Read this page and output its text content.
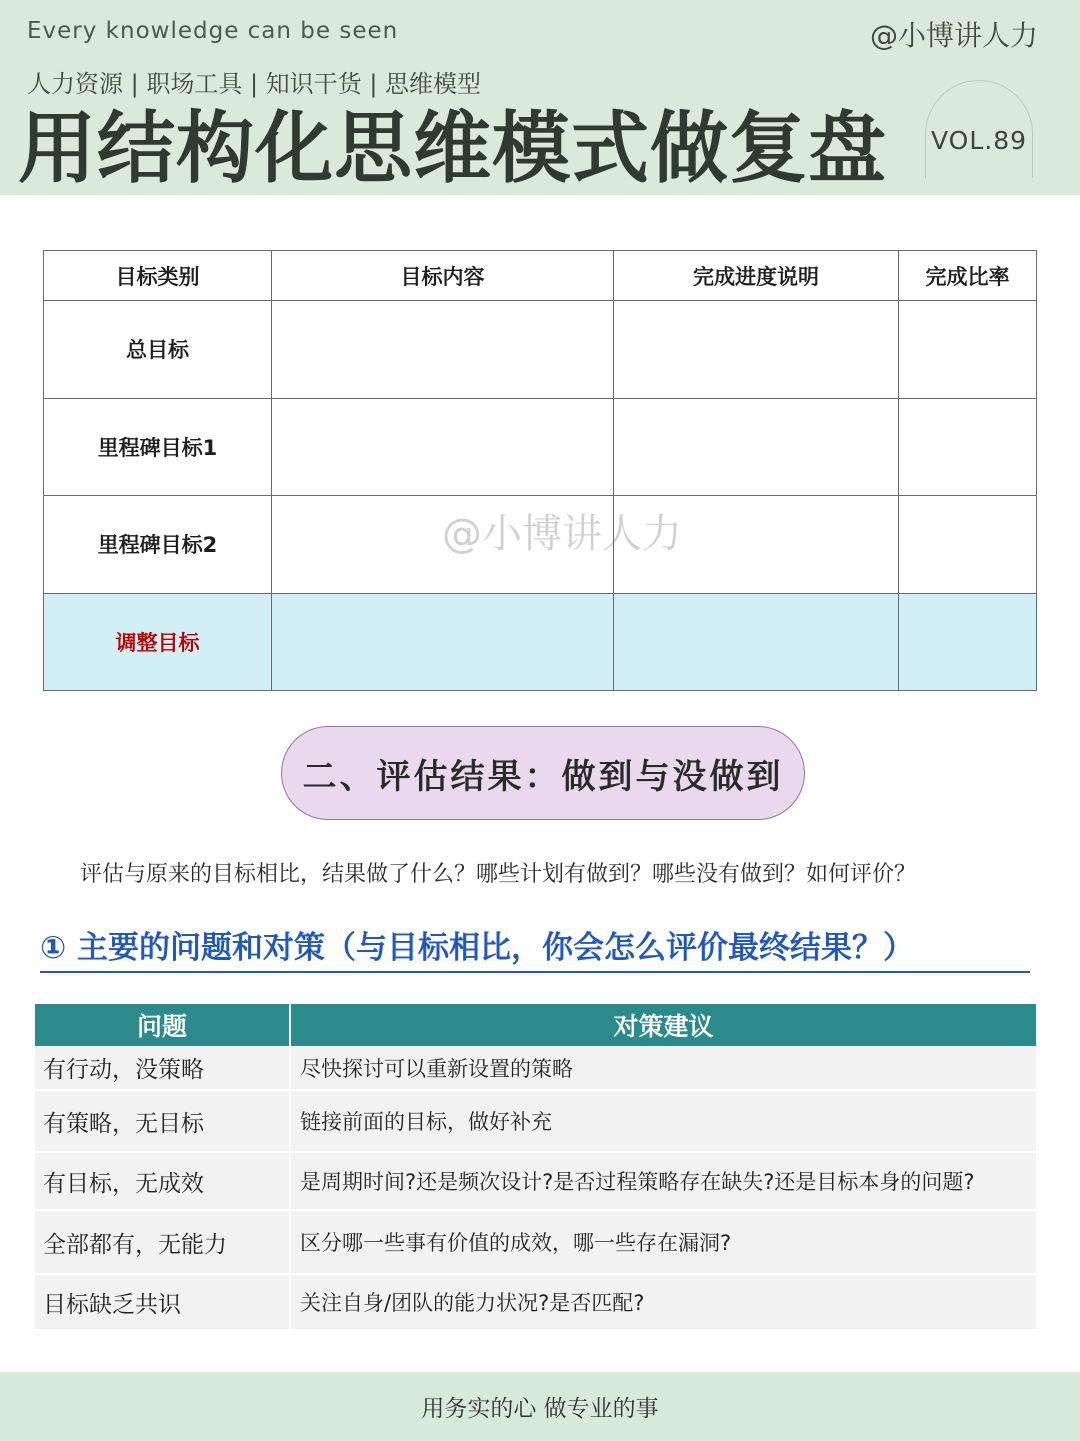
Every knowledge can be seen	@小博讲人力
人力资源 | 职场工具 | 知识干货 | 思维模型
用结构化思维模式做复盘 VOL.89
目标类别	目标内容	完成进度说明	完成比率
总目标			
里程碑目标1			
里程碑目标2			
调整目标			
@小博讲人力
二、评估结果：做到与没做到
评估与原来的目标相比，结果做了什么？哪些计划有做到？哪些没有做到？如何评价？
① 主要的问题和对策（与目标相比，你会怎么评价最终结果？）
问题	对策建议
有行动，没策略	尽快探讨可以重新设置的策略
有策略，无目标	链接前面的目标，做好补充
有目标，无成效	是周期时间?还是频次设计?是否过程策略存在缺失?还是目标本身的问题?
全部都有，无能力	区分哪一些事有价值的成效，哪一些存在漏洞?
目标缺乏共识	关注自身/团队的能力状况?是否匹配?
用务实的心 做专业的事
